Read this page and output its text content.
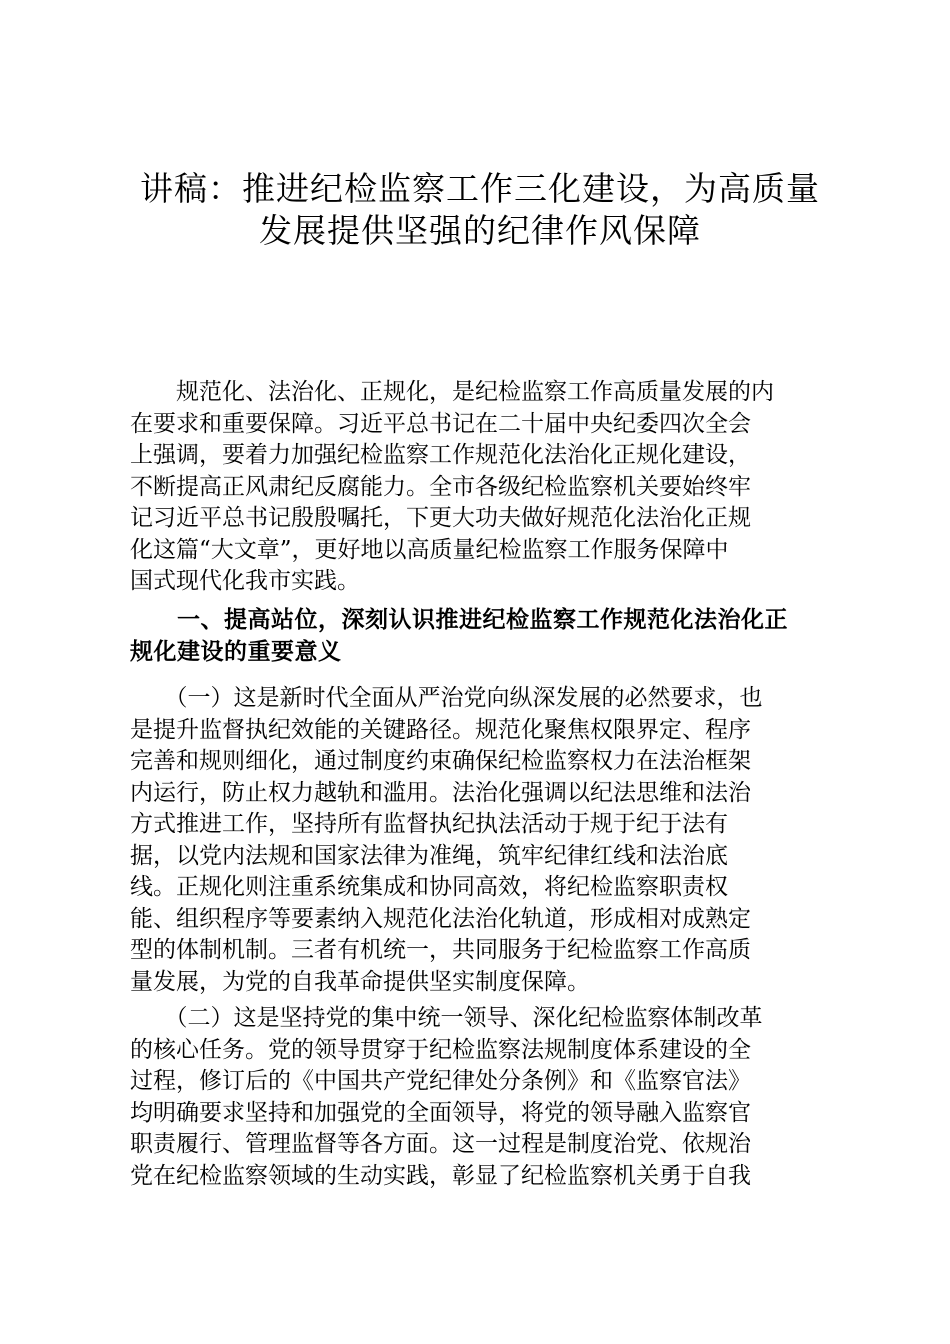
讲稿：推进纪检监察工作三化建设，为高质量
发展提供坚强的纪律作风保障
　　规范化、法治化、正规化，是纪检监察工作高质量发展的内
在要求和重要保障。习近平总书记在二十届中央纪委四次全会
上强调，要着力加强纪检监察工作规范化法治化正规化建设，
不断提高正风肃纪反腐能力。全市各级纪检监察机关要始终牢
记习近平总书记殷殷嘱托，下更大功夫做好规范化法治化正规
化这篇“大文章”，更好地以高质量纪检监察工作服务保障中
国式现代化我市实践。
　　一、提高站位，深刻认识推进纪检监察工作规范化法治化正
规化建设的重要意义
　　（一）这是新时代全面从严治党向纵深发展的必然要求，也
是提升监督执纪效能的关键路径。规范化聚焦权限界定、程序
完善和规则细化，通过制度约束确保纪检监察权力在法治框架
内运行，防止权力越轨和滥用。法治化强调以纪法思维和法治
方式推进工作，坚持所有监督执纪执法活动于规于纪于法有
据，以党内法规和国家法律为准绳，筑牢纪律红线和法治底
线。正规化则注重系统集成和协同高效，将纪检监察职责权
能、组织程序等要素纳入规范化法治化轨道，形成相对成熟定
型的体制机制。三者有机统一，共同服务于纪检监察工作高质
量发展，为党的自我革命提供坚实制度保障。
　　（二）这是坚持党的集中统一领导、深化纪检监察体制改革
的核心任务。党的领导贯穿于纪检监察法规制度体系建设的全
过程，修订后的《中国共产党纪律处分条例》和《监察官法》
均明确要求坚持和加强党的全面领导，将党的领导融入监察官
职责履行、管理监督等各方面。这一过程是制度治党、依规治
党在纪检监察领域的生动实践，彰显了纪检监察机关勇于自我
